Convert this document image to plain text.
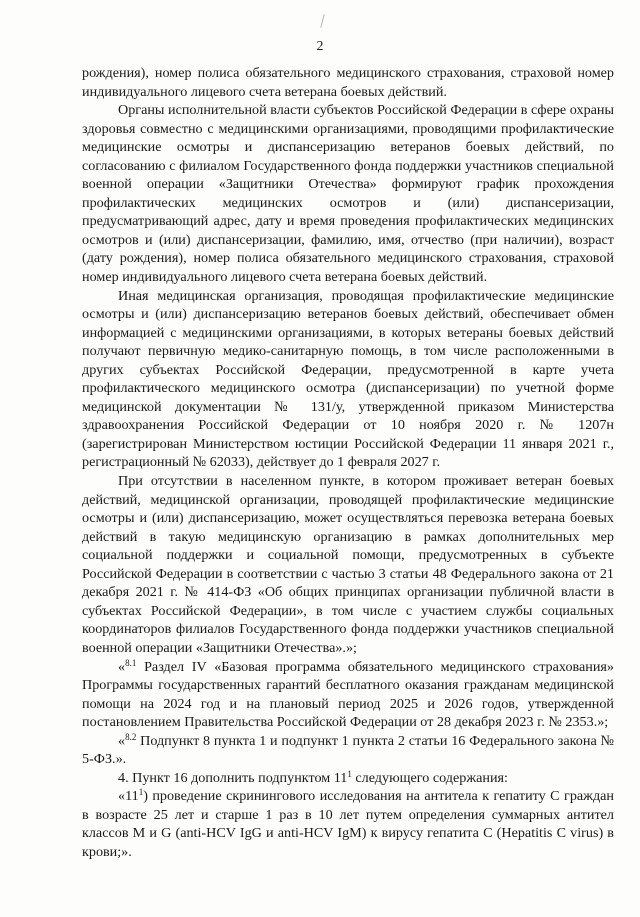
2

рождения), номер полиса обязательного медицинского страхования, страховой номер индивидуального лицевого счета ветерана боевых действий.

Органы исполнительной власти субъектов Российской Федерации в сфере охраны здоровья совместно с медицинскими организациями, проводящими профилактические медицинские осмотры и диспансеризацию ветеранов боевых действий, по согласованию с филиалом Государственного фонда поддержки участников специальной военной операции «Защитники Отечества» формируют график прохождения профилактических медицинских осмотров и (или) диспансеризации, предусматривающий адрес, дату и время проведения профилактических медицинских осмотров и (или) диспансеризации, фамилию, имя, отчество (при наличии), возраст (дату рождения), номер полиса обязательного медицинского страхования, страховой номер индивидуального лицевого счета ветерана боевых действий.

Иная медицинская организация, проводящая профилактические медицинские осмотры и (или) диспансеризацию ветеранов боевых действий, обеспечивает обмен информацией с медицинскими организациями, в которых ветераны боевых действий получают первичную медико-санитарную помощь, в том числе расположенными в других субъектах Российской Федерации, предусмотренной в карте учета профилактического медицинского осмотра (диспансеризации) по учетной форме медицинской документации № 131/у, утвержденной приказом Министерства здравоохранения Российской Федерации от 10 ноября 2020 г. № 1207н (зарегистрирован Министерством юстиции Российской Федерации 11 января 2021 г., регистрационный № 62033), действует до 1 февраля 2027 г.

При отсутствии в населенном пункте, в котором проживает ветеран боевых действий, медицинской организации, проводящей профилактические медицинские осмотры и (или) диспансеризацию, может осуществляться перевозка ветерана боевых действий в такую медицинскую организацию в рамках дополнительных мер социальной поддержки и социальной помощи, предусмотренных в субъекте Российской Федерации в соответствии с частью 3 статьи 48 Федерального закона от 21 декабря 2021 г. № 414-ФЗ «Об общих принципах организации публичной власти в субъектах Российской Федерации», в том числе с участием службы социальных координаторов филиалов Государственного фонда поддержки участников специальной военной операции «Защитники Отечества».»;

«$^{8.1}$ Раздел IV «Базовая программа обязательного медицинского страхования» Программы государственных гарантий бесплатного оказания гражданам медицинской помощи на 2024 год и на плановый период 2025 и 2026 годов, утвержденной постановлением Правительства Российской Федерации от 28 декабря 2023 г. № 2353.»;

«$^{8.2}$ Подпункт 8 пункта 1 и подпункт 1 пункта 2 статьи 16 Федерального закона № 5-ФЗ.».

4. Пункт 16 дополнить подпунктом $11^1$ следующего содержания:

«$11^1$) проведение скринингового исследования на антитела к гепатиту С граждан в возрасте 25 лет и старше 1 раз в 10 лет путем определения суммарных антител классов M и G (anti-HCV IgG и anti-HCV IgM) к вирусу гепатита С (Hepatitis C virus) в крови;».
